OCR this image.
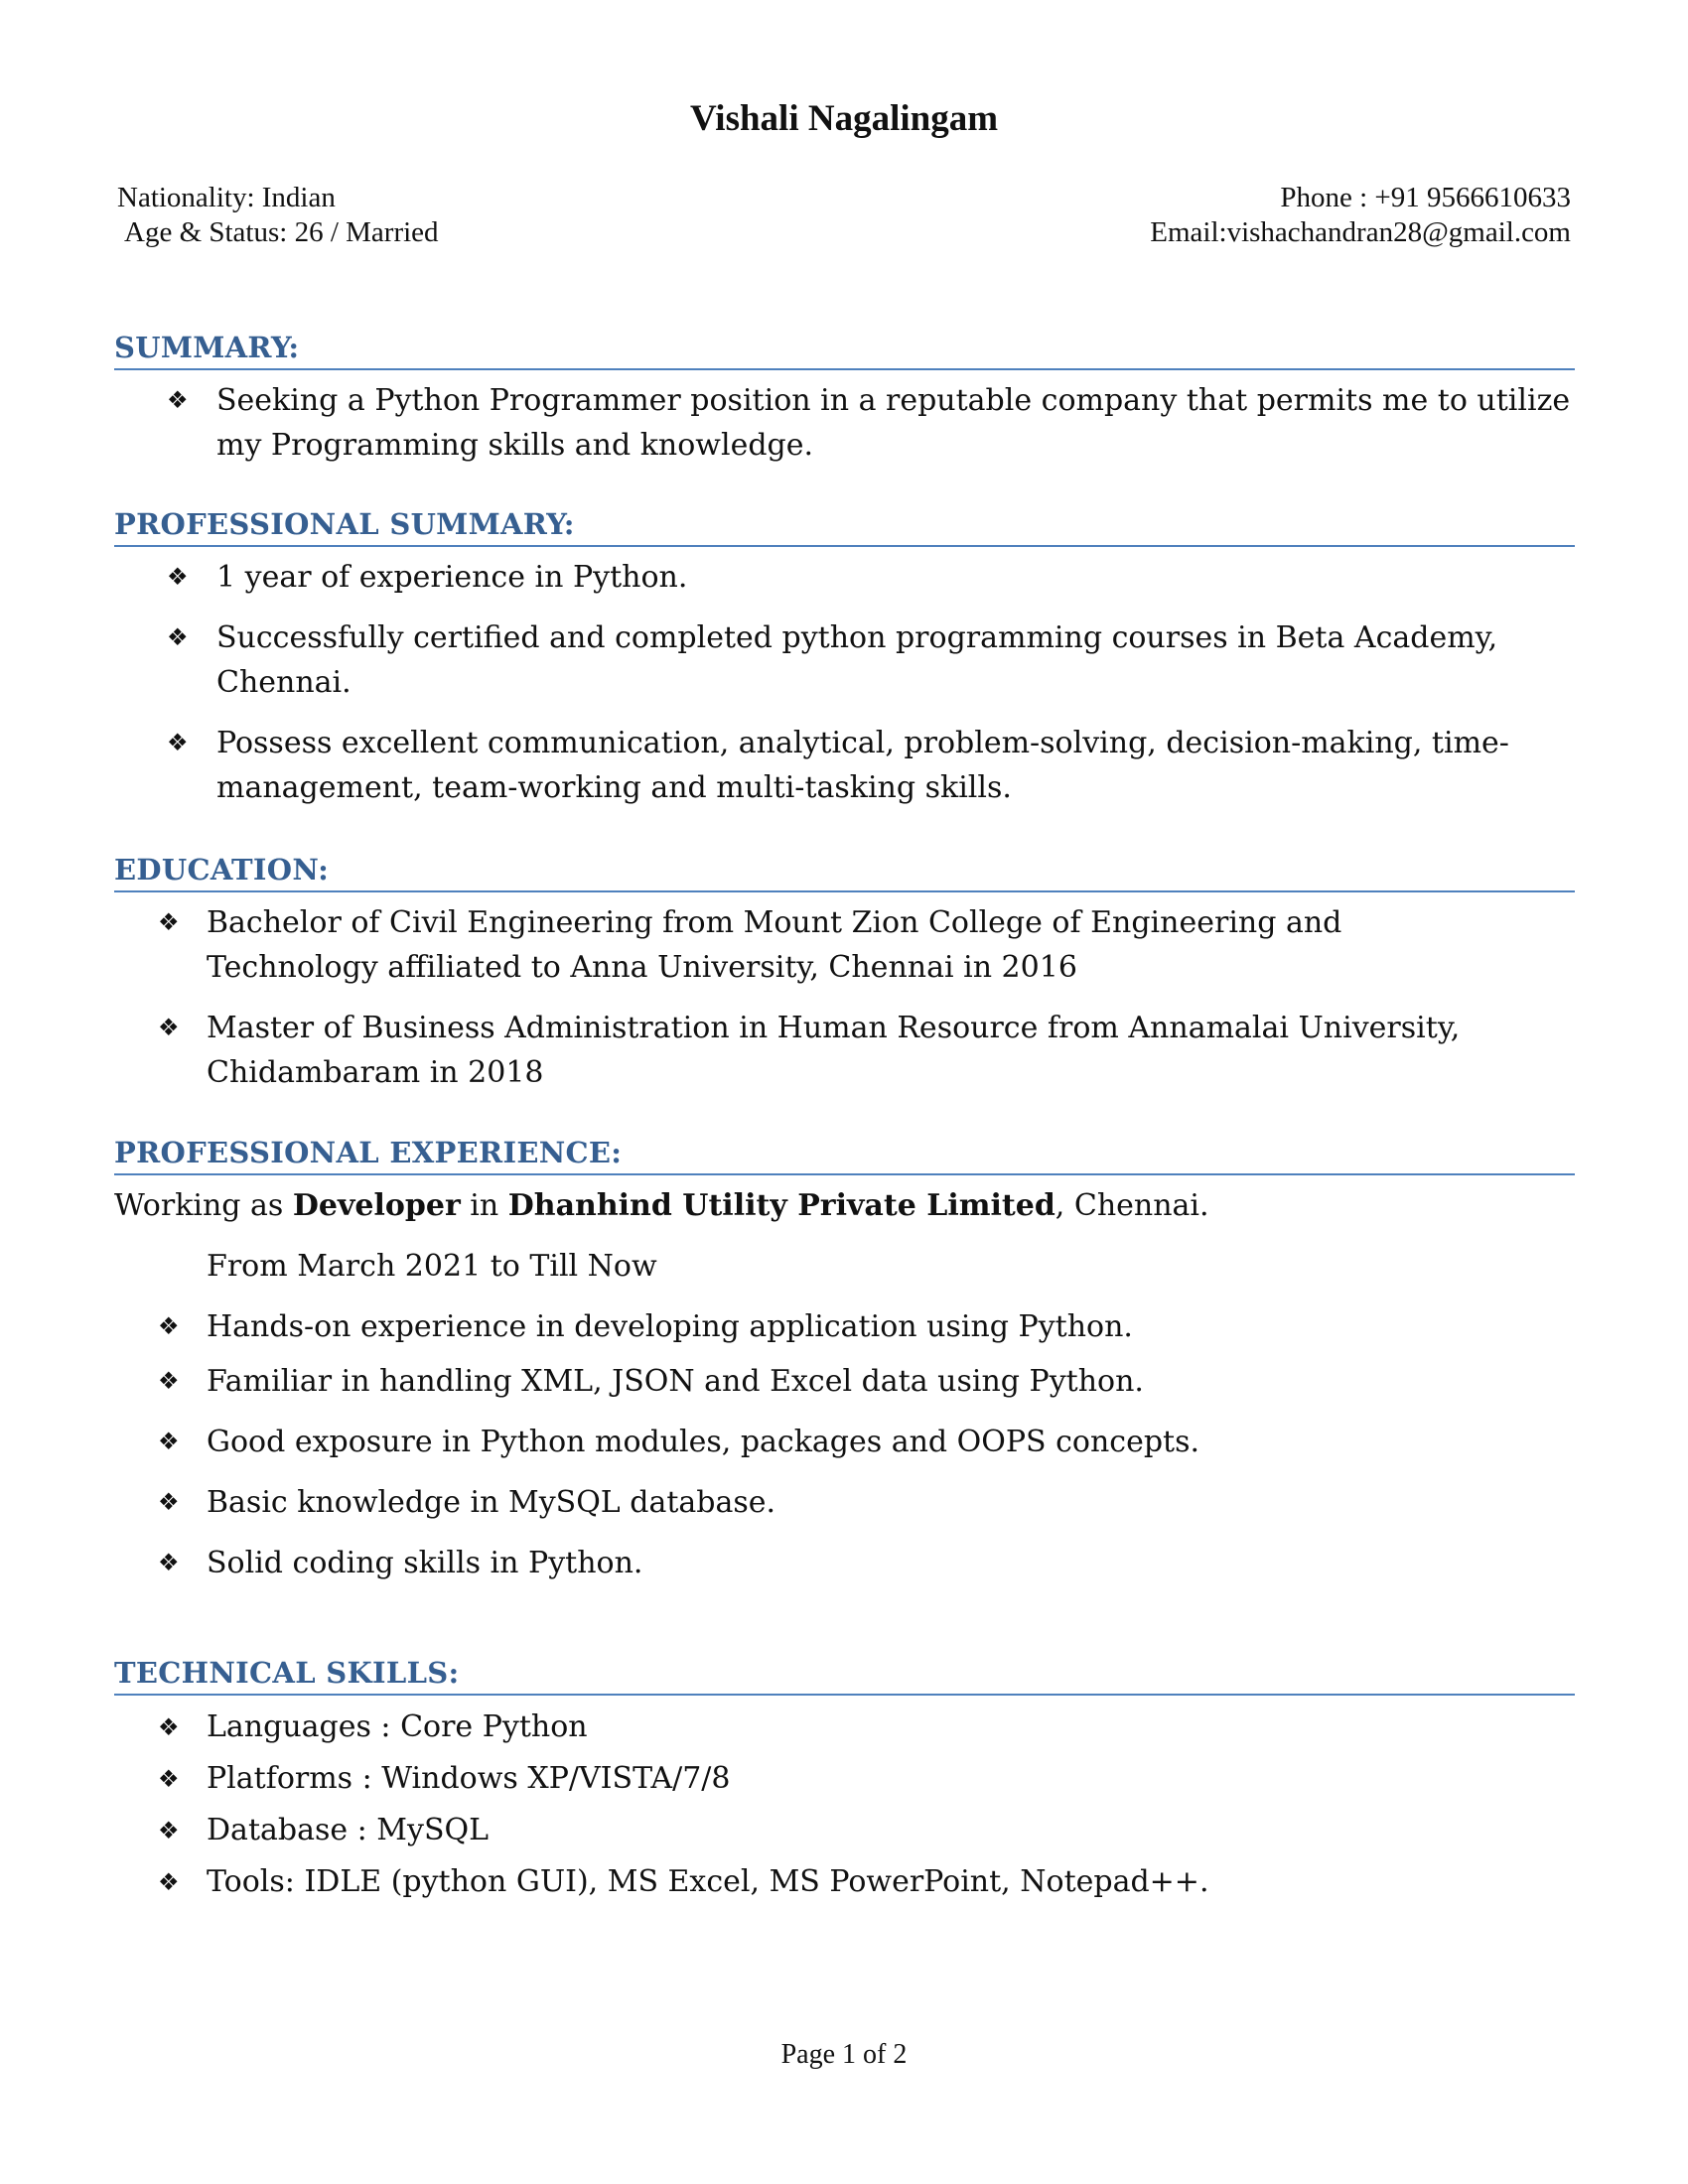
Vishali Nagalingam
Nationality: Indian
Age & Status: 26 / Married
Phone : +91 9566610633
Email:vishachandran28@gmail.com
SUMMARY:
❖ Seeking a Python Programmer position in a reputable company that permits me to utilize my Programming skills and knowledge.
PROFESSIONAL SUMMARY:
❖ 1 year of experience in Python.
❖ Successfully certified and completed python programming courses in Beta Academy, Chennai.
❖ Possess excellent communication, analytical, problem-solving, decision-making, time-management, team-working and multi-tasking skills.
EDUCATION:
❖ Bachelor of Civil Engineering from Mount Zion College of Engineering and Technology affiliated to Anna University, Chennai in 2016
❖ Master of Business Administration in Human Resource from Annamalai University, Chidambaram in 2018
PROFESSIONAL EXPERIENCE:
Working as Developer in Dhanhind Utility Private Limited, Chennai.
From March 2021 to Till Now
❖ Hands-on experience in developing application using Python.
❖ Familiar in handling XML, JSON and Excel data using Python.
❖ Good exposure in Python modules, packages and OOPS concepts.
❖ Basic knowledge in MySQL database.
❖ Solid coding skills in Python.
TECHNICAL SKILLS:
❖ Languages : Core Python
❖ Platforms : Windows XP/VISTA/7/8
❖ Database : MySQL
❖ Tools: IDLE (python GUI), MS Excel, MS PowerPoint, Notepad++.
Page 1 of 2
